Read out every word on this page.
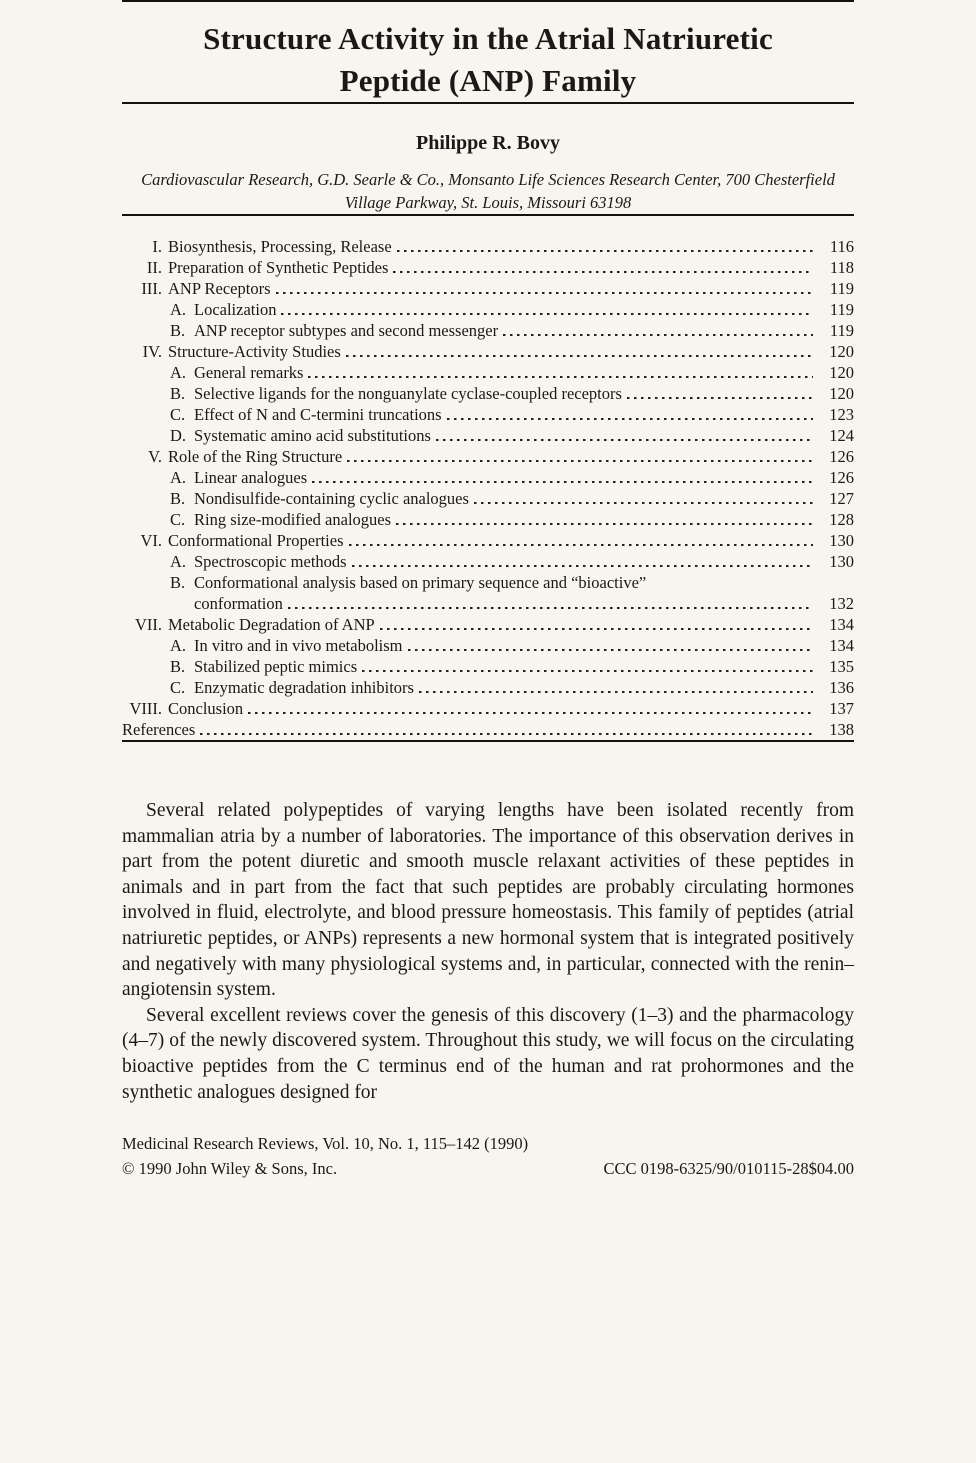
Structure Activity in the Atrial Natriuretic
Peptide (ANP) Family
Philippe R. Bovy
Cardiovascular Research, G.D. Searle & Co., Monsanto Life Sciences Research Center, 700 Chesterfield
Village Parkway, St. Louis, Missouri 63198
I. Biosynthesis, Processing, Release	116
II. Preparation of Synthetic Peptides	118
III. ANP Receptors	119
A. Localization	119
B. ANP receptor subtypes and second messenger	119
IV. Structure-Activity Studies	120
A. General remarks	120
B. Selective ligands for the nonguanylate cyclase-coupled receptors	120
C. Effect of N and C-termini truncations	123
D. Systematic amino acid substitutions	124
V. Role of the Ring Structure	126
A. Linear analogues	126
B. Nondisulfide-containing cyclic analogues	127
C. Ring size-modified analogues	128
VI. Conformational Properties	130
A. Spectroscopic methods	130
B. Conformational analysis based on primary sequence and “bioactive”
conformation	132
VII. Metabolic Degradation of ANP	134
A. In vitro and in vivo metabolism	134
B. Stabilized peptic mimics	135
C. Enzymatic degradation inhibitors	136
VIII. Conclusion	137
References	138

Several related polypeptides of varying lengths have been isolated recently from mammalian atria by a number of laboratories. The importance of this observation derives in part from the potent diuretic and smooth muscle relaxant activities of these peptides in animals and in part from the fact that such peptides are probably circulating hormones involved in fluid, electrolyte, and blood pressure homeostasis. This family of peptides (atrial natriuretic peptides, or ANPs) represents a new hormonal system that is integrated positively and negatively with many physiological systems and, in particular, connected with the renin–angiotensin system.

Several excellent reviews cover the genesis of this discovery (1–3) and the pharmacology (4–7) of the newly discovered system. Throughout this study, we will focus on the circulating bioactive peptides from the C terminus end of the human and rat prohormones and the synthetic analogues designed for

Medicinal Research Reviews, Vol. 10, No. 1, 115–142 (1990)
© 1990 John Wiley & Sons, Inc.	CCC 0198-6325/90/010115-28$04.00
